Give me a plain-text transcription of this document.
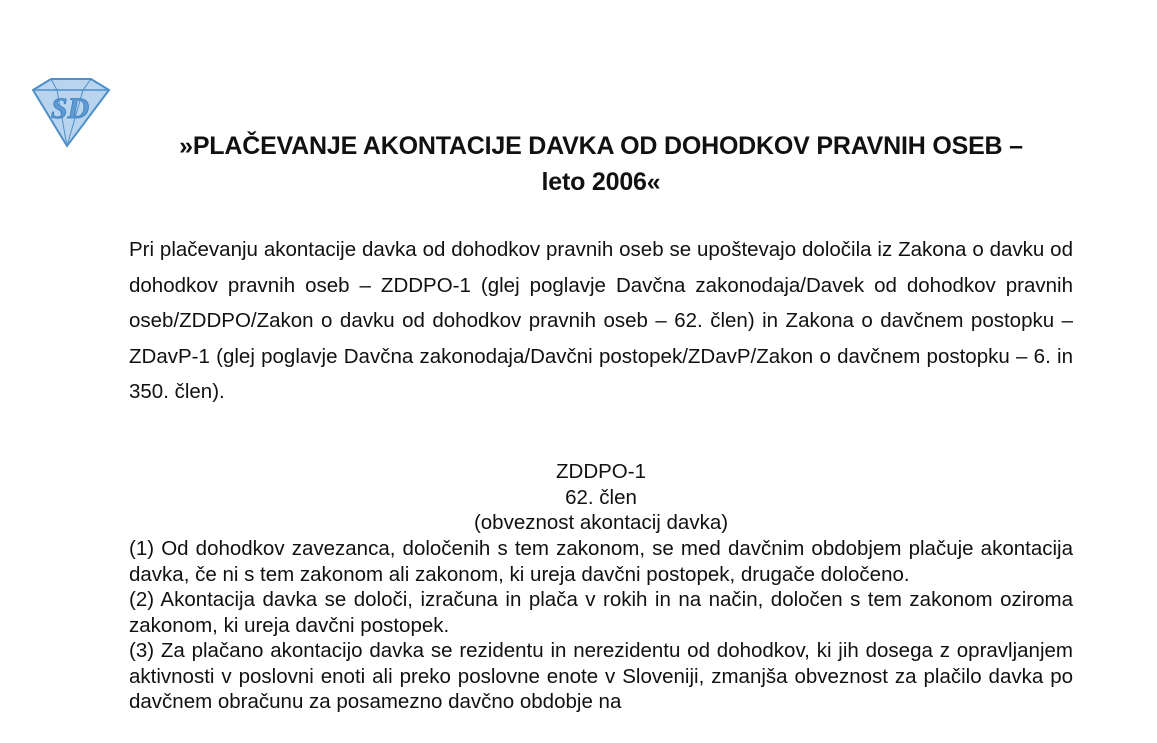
SD
»PLAČEVANJE AKONTACIJE DAVKA OD DOHODKOV PRAVNIH OSEB –
leto 2006«

Pri plačevanju akontacije davka od dohodkov pravnih oseb se upoštevajo določila iz Zakona o davku od dohodkov pravnih oseb – ZDDPO-1 (glej poglavje Davčna zakonodaja/Davek od dohodkov pravnih oseb/ZDDPO/Zakon o davku od dohodkov pravnih oseb – 62. člen) in Zakona o davčnem postopku – ZDavP-1 (glej poglavje Davčna zakonodaja/Davčni postopek/ZDavP/Zakon o davčnem postopku – 6. in 350. člen).

ZDDPO-1
62. člen
(obveznost akontacij davka)

(1) Od dohodkov zavezanca, določenih s tem zakonom, se med davčnim obdobjem plačuje akontacija davka, če ni s tem zakonom ali zakonom, ki ureja davčni postopek, drugače določeno.

(2) Akontacija davka se določi, izračuna in plača v rokih in na način, določen s tem zakonom oziroma zakonom, ki ureja davčni postopek.

(3) Za plačano akontacijo davka se rezidentu in nerezidentu od dohodkov, ki jih dosega z opravljanjem aktivnosti v poslovni enoti ali preko poslovne enote v Sloveniji, zmanjša obveznost za plačilo davka po davčnem obračunu za posamezno davčno obdobje na
